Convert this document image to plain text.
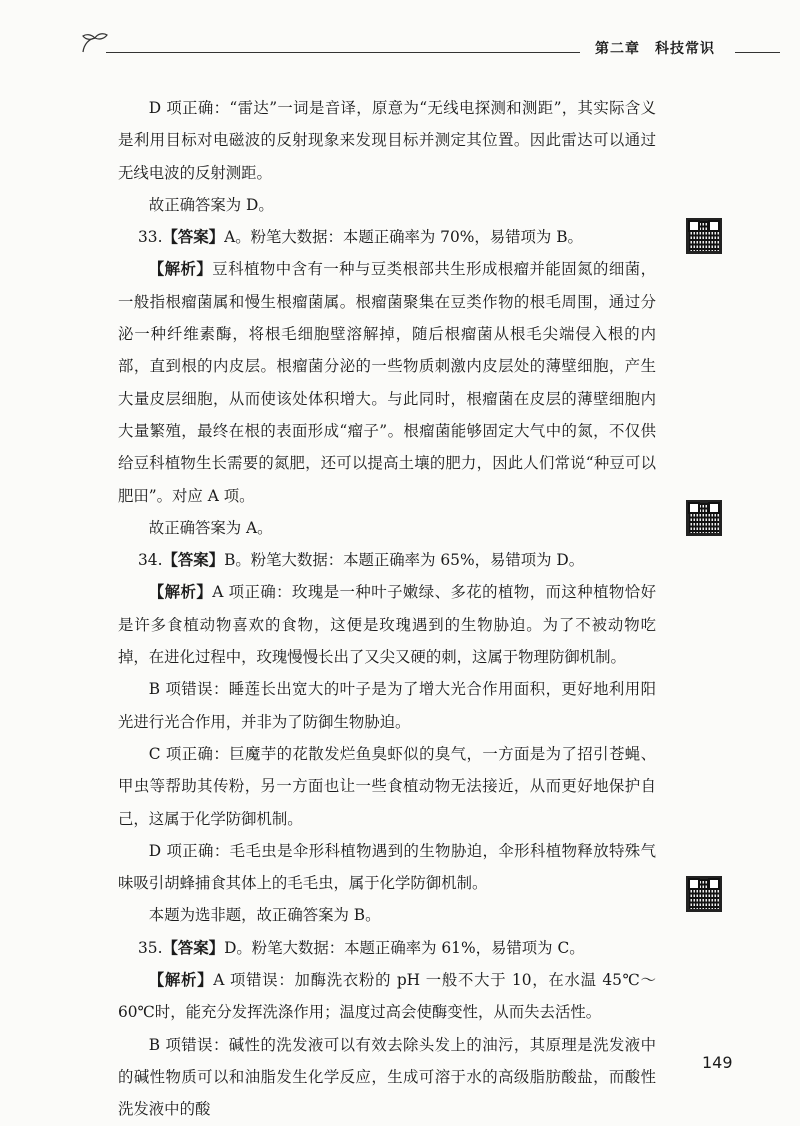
第二章　科技常识

D 项正确：“雷达”一词是音译，原意为“无线电探测和测距”，其实际含义是利用目标对电磁波的反射现象来发现目标并测定其位置。因此雷达可以通过无线电波的反射测距。

故正确答案为 D。

33.【答案】A。粉笔大数据：本题正确率为 70%，易错项为 B。

【解析】豆科植物中含有一种与豆类根部共生形成根瘤并能固氮的细菌，一般指根瘤菌属和慢生根瘤菌属。根瘤菌聚集在豆类作物的根毛周围，通过分泌一种纤维素酶，将根毛细胞壁溶解掉，随后根瘤菌从根毛尖端侵入根的内部，直到根的内皮层。根瘤菌分泌的一些物质刺激内皮层处的薄壁细胞，产生大量皮层细胞，从而使该处体积增大。与此同时，根瘤菌在皮层的薄壁细胞内大量繁殖，最终在根的表面形成“瘤子”。根瘤菌能够固定大气中的氮，不仅供给豆科植物生长需要的氮肥，还可以提高土壤的肥力，因此人们常说“种豆可以肥田”。对应 A 项。

故正确答案为 A。

34.【答案】B。粉笔大数据：本题正确率为 65%，易错项为 D。

【解析】A 项正确：玫瑰是一种叶子嫩绿、多花的植物，而这种植物恰好是许多食植动物喜欢的食物，这便是玫瑰遇到的生物胁迫。为了不被动物吃掉，在进化过程中，玫瑰慢慢长出了又尖又硬的刺，这属于物理防御机制。

B 项错误：睡莲长出宽大的叶子是为了增大光合作用面积，更好地利用阳光进行光合作用，并非为了防御生物胁迫。

C 项正确：巨魔芋的花散发烂鱼臭虾似的臭气，一方面是为了招引苍蝇、甲虫等帮助其传粉，另一方面也让一些食植动物无法接近，从而更好地保护自己，这属于化学防御机制。

D 项正确：毛毛虫是伞形科植物遇到的生物胁迫，伞形科植物释放特殊气味吸引胡蜂捕食其体上的毛毛虫，属于化学防御机制。

本题为选非题，故正确答案为 B。

35.【答案】D。粉笔大数据：本题正确率为 61%，易错项为 C。

【解析】A 项错误：加酶洗衣粉的 pH 一般不大于 10，在水温 45℃～60℃时，能充分发挥洗涤作用；温度过高会使酶变性，从而失去活性。

B 项错误：碱性的洗发液可以有效去除头发上的油污，其原理是洗发液中的碱性物质可以和油脂发生化学反应，生成可溶于水的高级脂肪酸盐，而酸性洗发液中的酸

149
